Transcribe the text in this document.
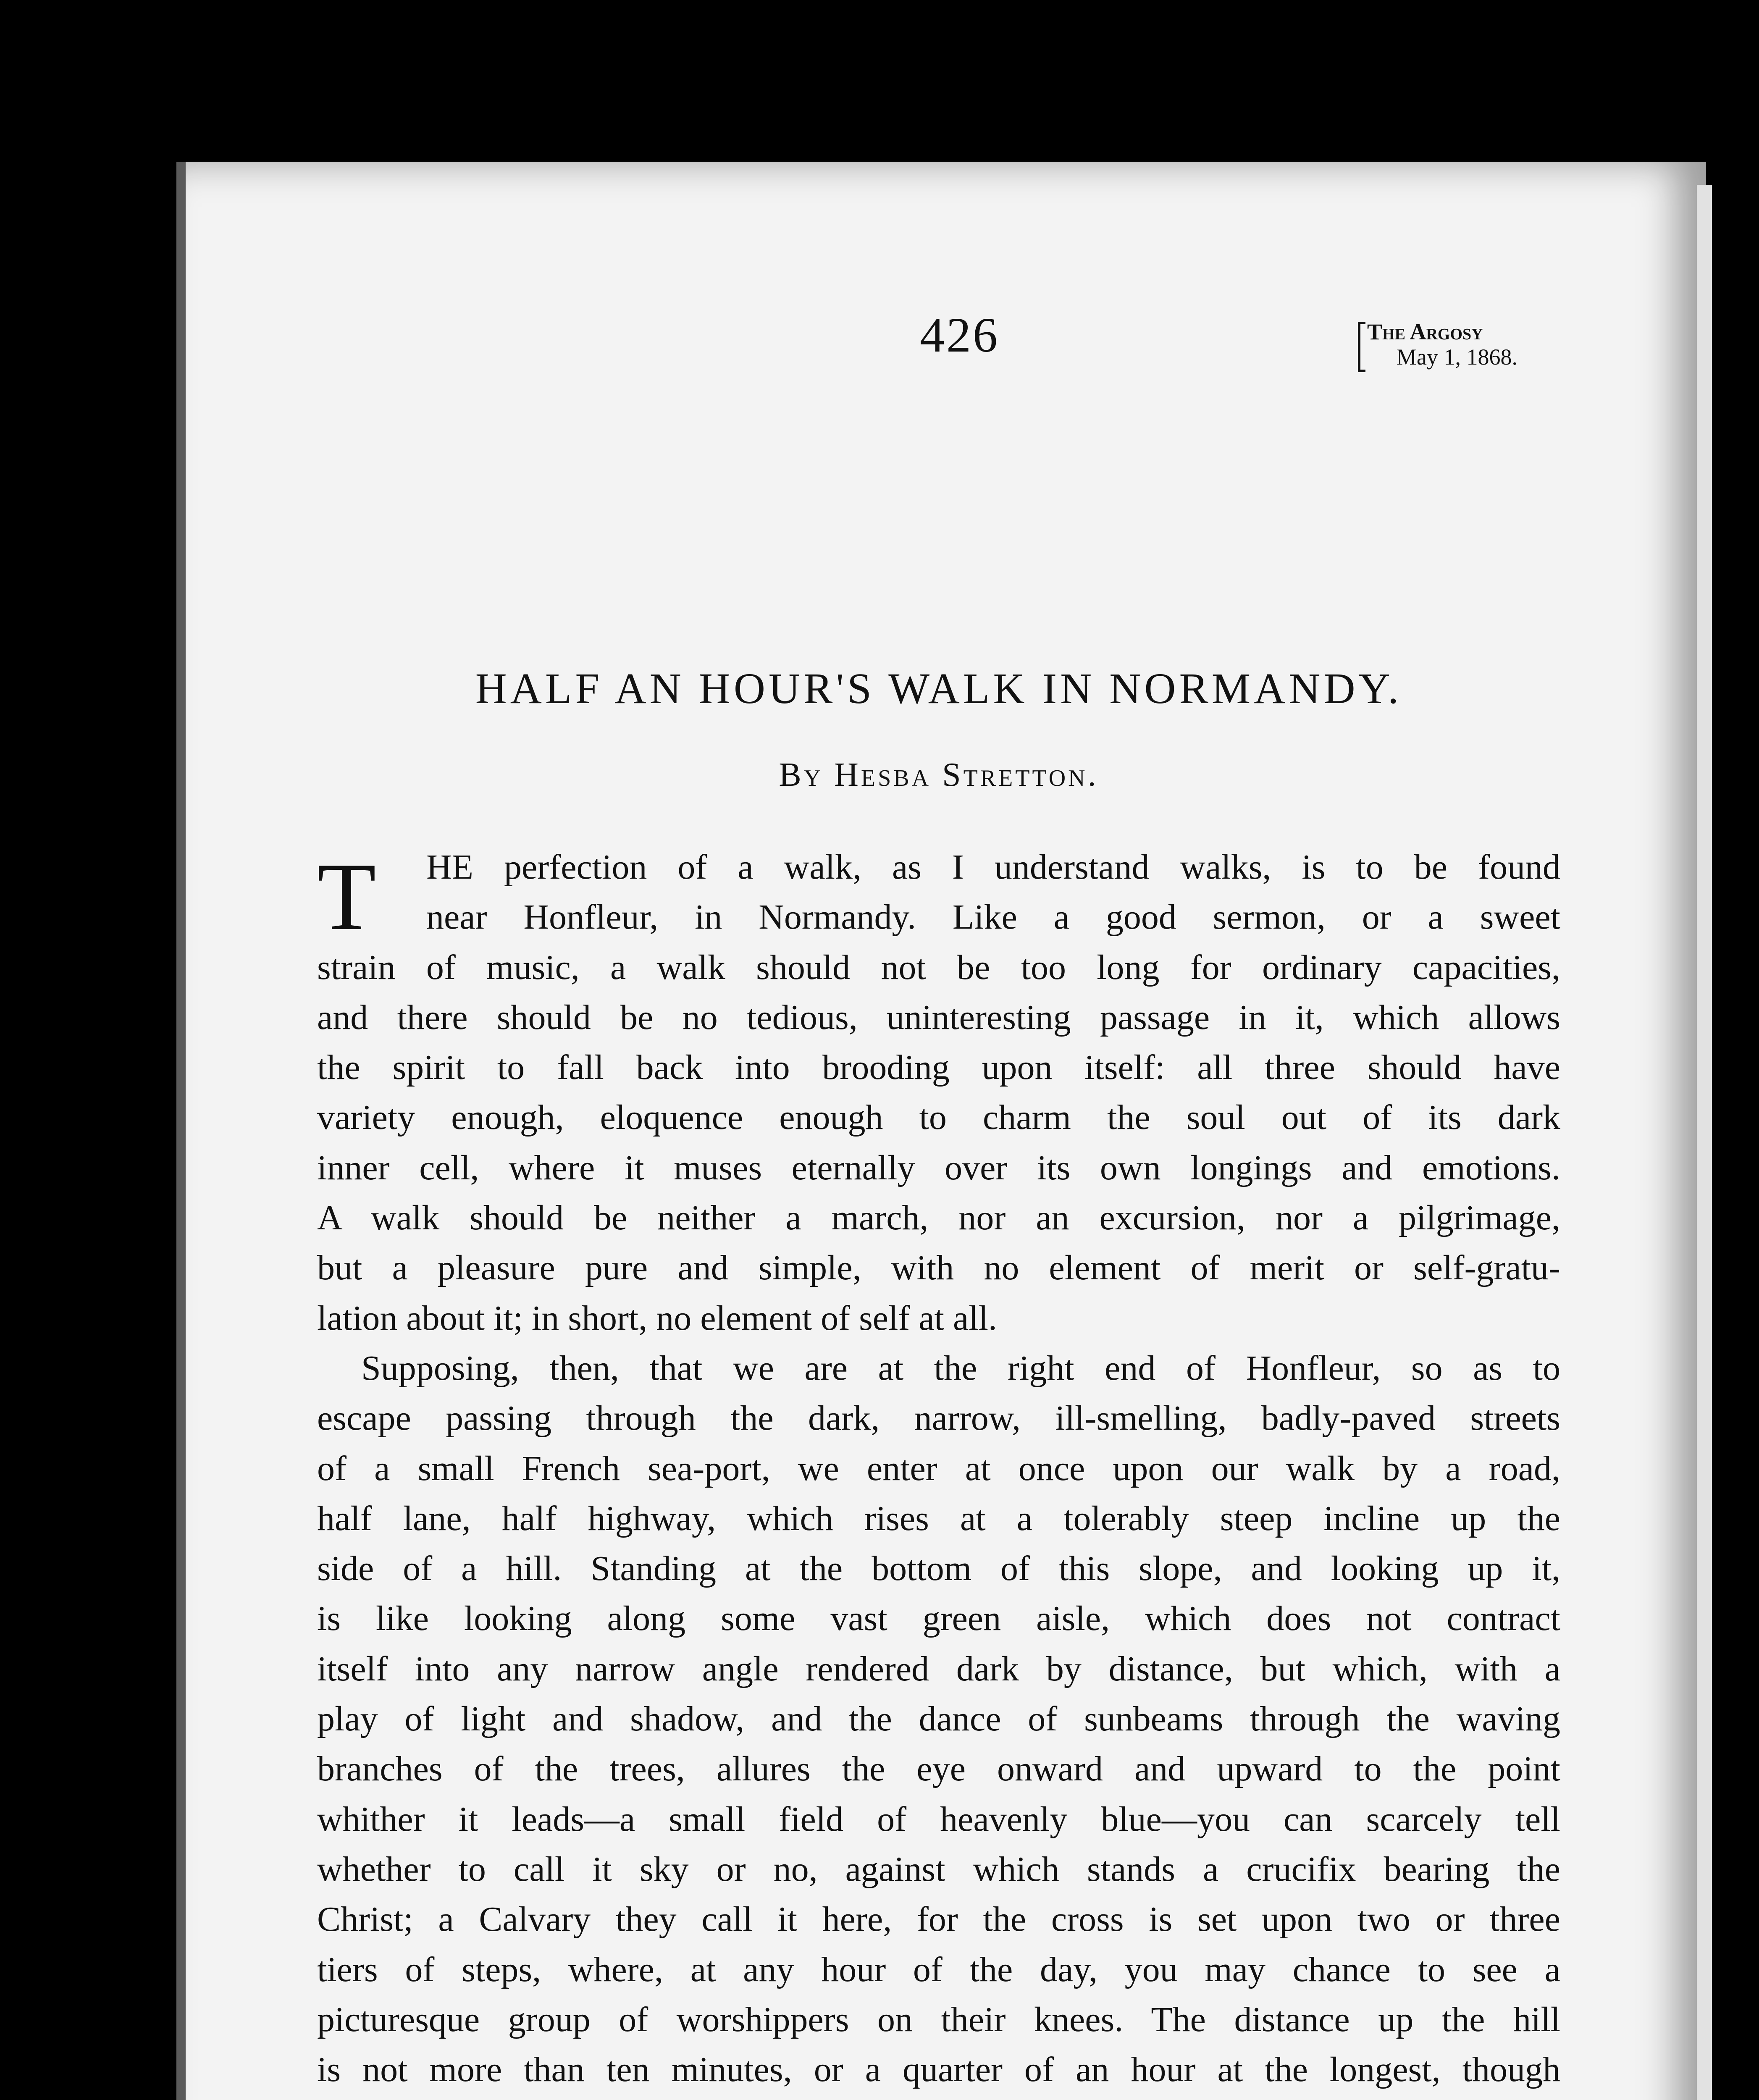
426	The Argosy
May 1, 1868.
HALF AN HOUR'S WALK IN NORMANDY.
By Hesba Stretton.
T	HE perfection of a walk, as I understand walks, is to be found
near Honfleur, in Normandy. Like a good sermon, or a sweet
strain of music, a walk should not be too long for ordinary capacities,
and there should be no tedious, uninteresting passage in it, which allows
the spirit to fall back into brooding upon itself: all three should have
variety enough, eloquence enough to charm the soul out of its dark
inner cell, where it muses eternally over its own longings and emotions.
A walk should be neither a march, nor an excursion, nor a pilgrimage,
but a pleasure pure and simple, with no element of merit or self-gratu-
lation about it; in short, no element of self at all.
Supposing, then, that we are at the right end of Honfleur, so as to
escape passing through the dark, narrow, ill-smelling, badly-paved streets
of a small French sea-port, we enter at once upon our walk by a road,
half lane, half highway, which rises at a tolerably steep incline up the
side of a hill. Standing at the bottom of this slope, and looking up it,
is like looking along some vast green aisle, which does not contract
itself into any narrow angle rendered dark by distance, but which, with a
play of light and shadow, and the dance of sunbeams through the waving
branches of the trees, allures the eye onward and upward to the point
whither it leads—a small field of heavenly blue—you can scarcely tell
whether to call it sky or no, against which stands a crucifix bearing the
Christ; a Calvary they call it here, for the cross is set upon two or three
tiers of steps, where, at any hour of the day, you may chance to see a
picturesque group of worshippers on their knees. The distance up the hill
is not more than ten minutes, or a quarter of an hour at the longest, though
